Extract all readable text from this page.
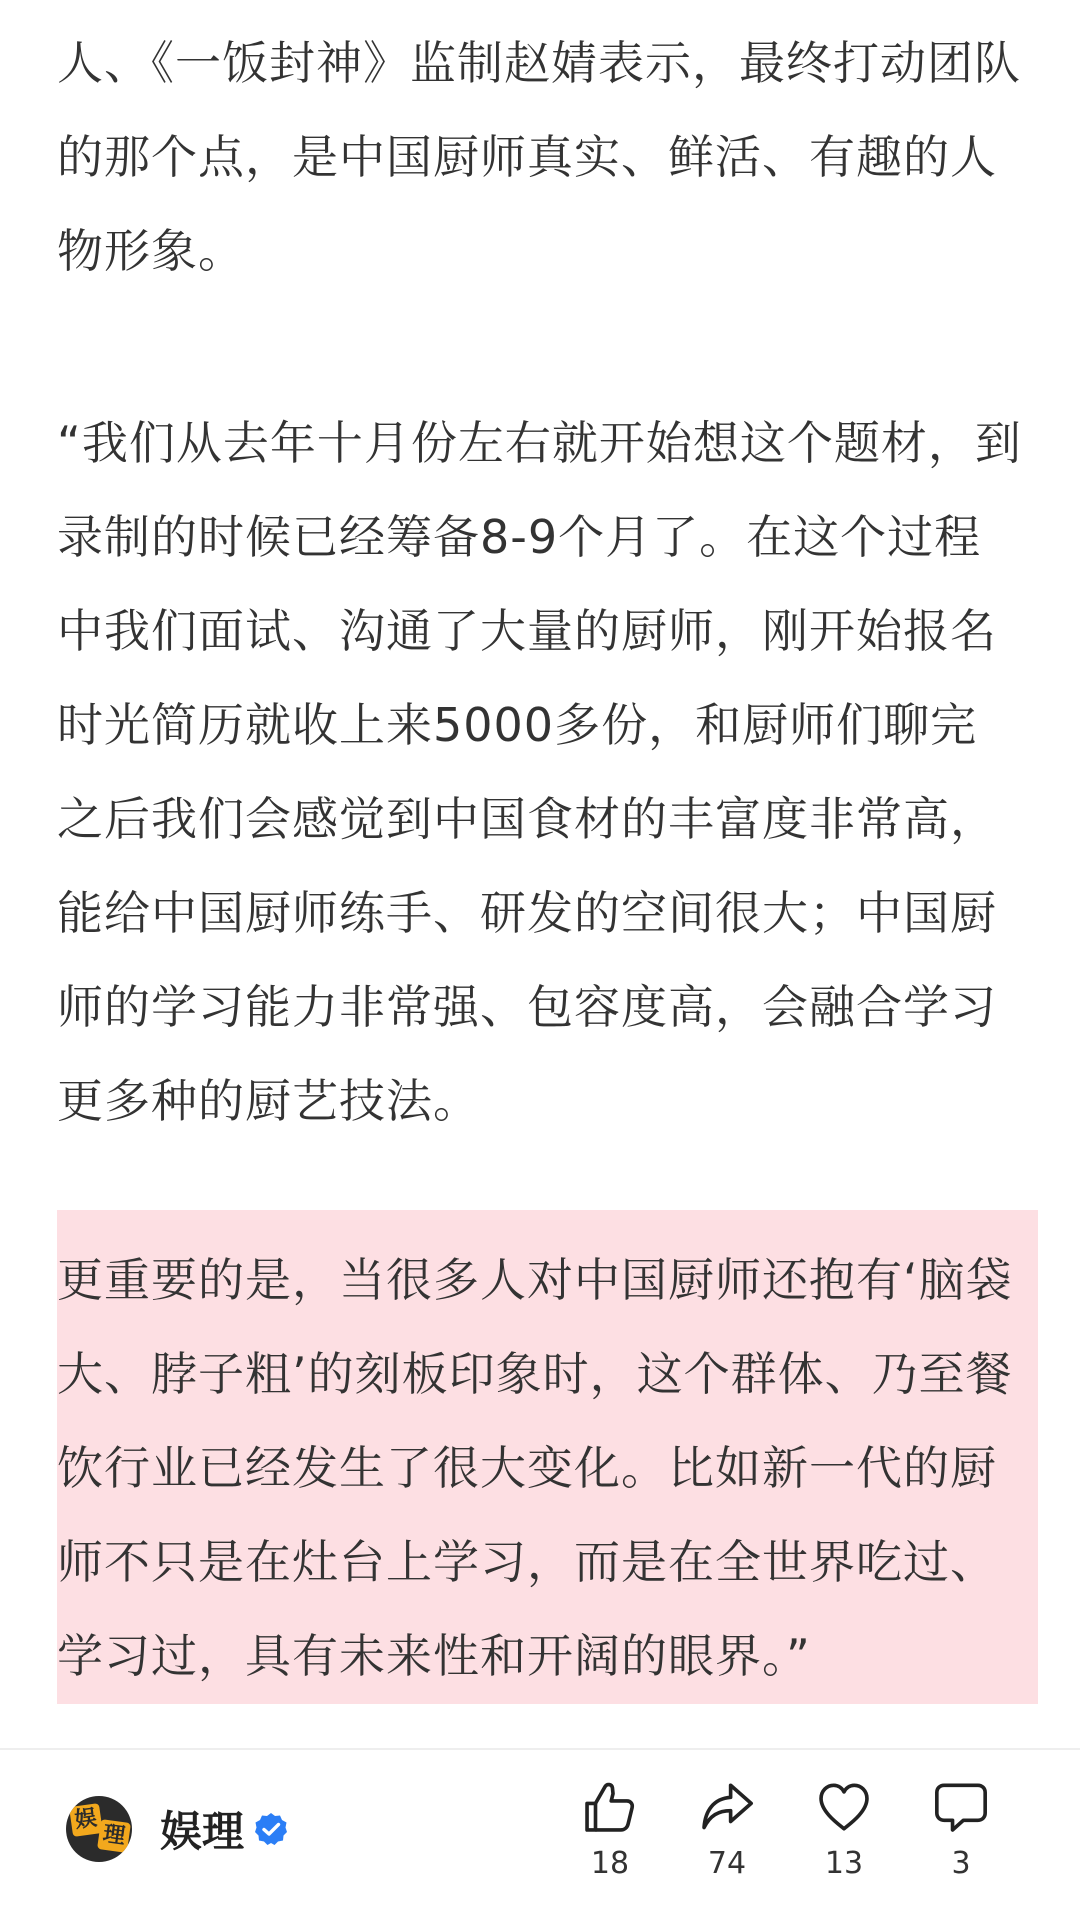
人、《一饭封神》监制赵婧表示，最终打动团队的那个点，是中国厨师真实、鲜活、有趣的人物形象。

“我们从去年十月份左右就开始想这个题材，到录制的时候已经筹备8-9个月了。在这个过程中我们面试、沟通了大量的厨师，刚开始报名时光简历就收上来5000多份，和厨师们聊完之后我们会感觉到中国食材的丰富度非常高，能给中国厨师练手、研发的空间很大；中国厨师的学习能力非常强、包容度高，会融合学习更多种的厨艺技法。

更重要的是，当很多人对中国厨师还抱有‘脑袋大、脖子粗’的刻板印象时，这个群体、乃至餐饮行业已经发生了很大变化。比如新一代的厨师不只是在灶台上学习，而是在全世界吃过、学习过，具有未来性和开阔的眼界。”

娱
理 娱理
18	74	13	3
